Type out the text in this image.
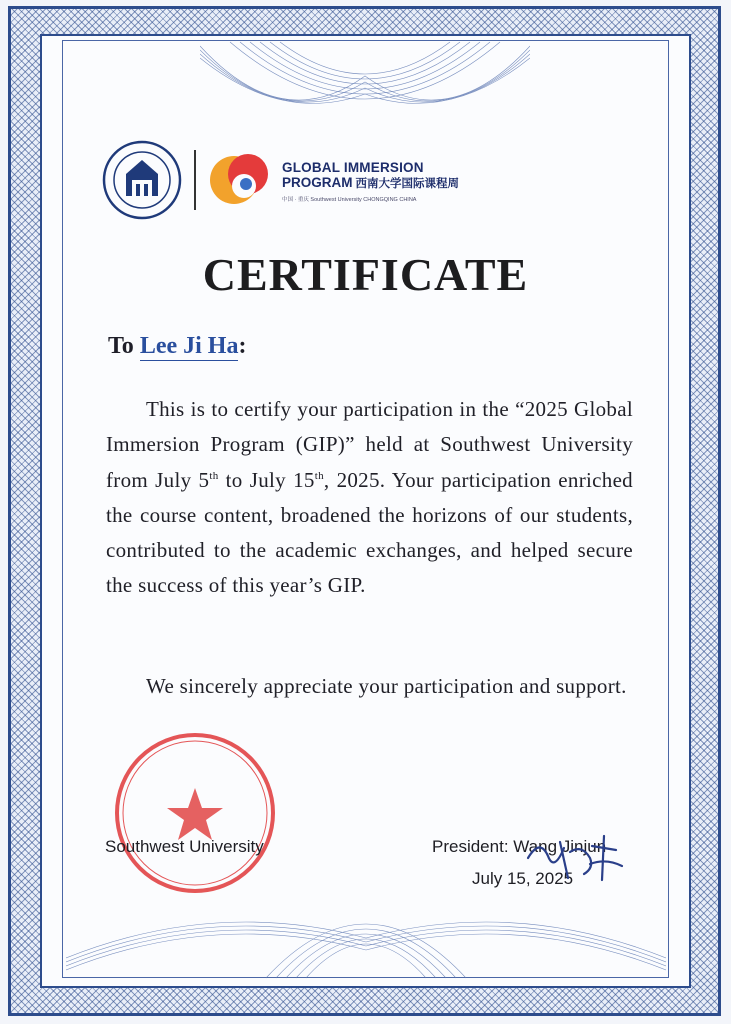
GLOBAL IMMERSION
PROGRAM 西南大学国际课程周
中国 · 重庆 Southwest University CHONGQING CHINA
CERTIFICATE
To Lee Ji Ha:
This is to certify your participation in the “2025 Global Immersion Program (GIP)” held at Southwest University from July 5th to July 15th, 2025. Your participation enriched the course content, broadened the horizons of our students, contributed to the academic exchanges, and helped secure the success of this year’s GIP.
We sincerely appreciate your participation and support.
Southwest University	President: Wang Jinjun
July 15, 2025
